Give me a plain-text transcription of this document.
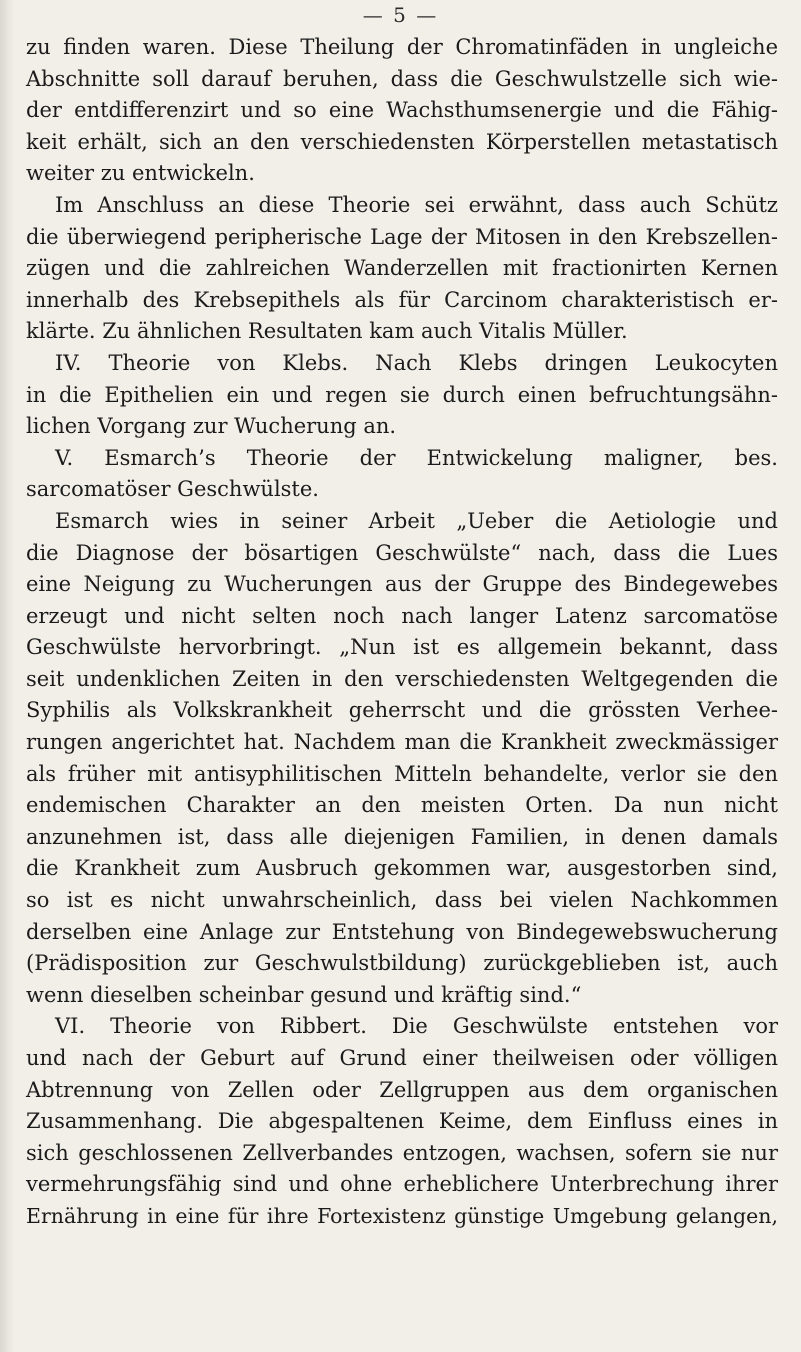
— 5 —
zu finden waren. Diese Theilung der Chromatinfäden in ungleiche
Abschnitte soll darauf beruhen, dass die Geschwulstzelle sich wie-
der entdifferenzirt und so eine Wachsthumsenergie und die Fähig-
keit erhält, sich an den verschiedensten Körperstellen metastatisch
weiter zu entwickeln.
Im Anschluss an diese Theorie sei erwähnt, dass auch Schütz
die überwiegend peripherische Lage der Mitosen in den Krebszellen-
zügen und die zahlreichen Wanderzellen mit fractionirten Kernen
innerhalb des Krebsepithels als für Carcinom charakteristisch er-
klärte. Zu ähnlichen Resultaten kam auch Vitalis Müller.
IV. Theorie von Klebs. Nach Klebs dringen Leukocyten
in die Epithelien ein und regen sie durch einen befruchtungsähn-
lichen Vorgang zur Wucherung an.
V. Esmarch’s Theorie der Entwickelung maligner, bes.
sarcomatöser Geschwülste.
Esmarch wies in seiner Arbeit „Ueber die Aetiologie und
die Diagnose der bösartigen Geschwülste“ nach, dass die Lues
eine Neigung zu Wucherungen aus der Gruppe des Bindegewebes
erzeugt und nicht selten noch nach langer Latenz sarcomatöse
Geschwülste hervorbringt. „Nun ist es allgemein bekannt, dass
seit undenklichen Zeiten in den verschiedensten Weltgegenden die
Syphilis als Volkskrankheit geherrscht und die grössten Verhee-
rungen angerichtet hat. Nachdem man die Krankheit zweckmässiger
als früher mit antisyphilitischen Mitteln behandelte, verlor sie den
endemischen Charakter an den meisten Orten. Da nun nicht
anzunehmen ist, dass alle diejenigen Familien, in denen damals
die Krankheit zum Ausbruch gekommen war, ausgestorben sind,
so ist es nicht unwahrscheinlich, dass bei vielen Nachkommen
derselben eine Anlage zur Entstehung von Bindegewebswucherung
(Prädisposition zur Geschwulstbildung) zurückgeblieben ist, auch
wenn dieselben scheinbar gesund und kräftig sind.“
VI. Theorie von Ribbert. Die Geschwülste entstehen vor
und nach der Geburt auf Grund einer theilweisen oder völligen
Abtrennung von Zellen oder Zellgruppen aus dem organischen
Zusammenhang. Die abgespaltenen Keime, dem Einfluss eines in
sich geschlossenen Zellverbandes entzogen, wachsen, sofern sie nur
vermehrungsfähig sind und ohne erheblichere Unterbrechung ihrer
Ernährung in eine für ihre Fortexistenz günstige Umgebung gelangen,
